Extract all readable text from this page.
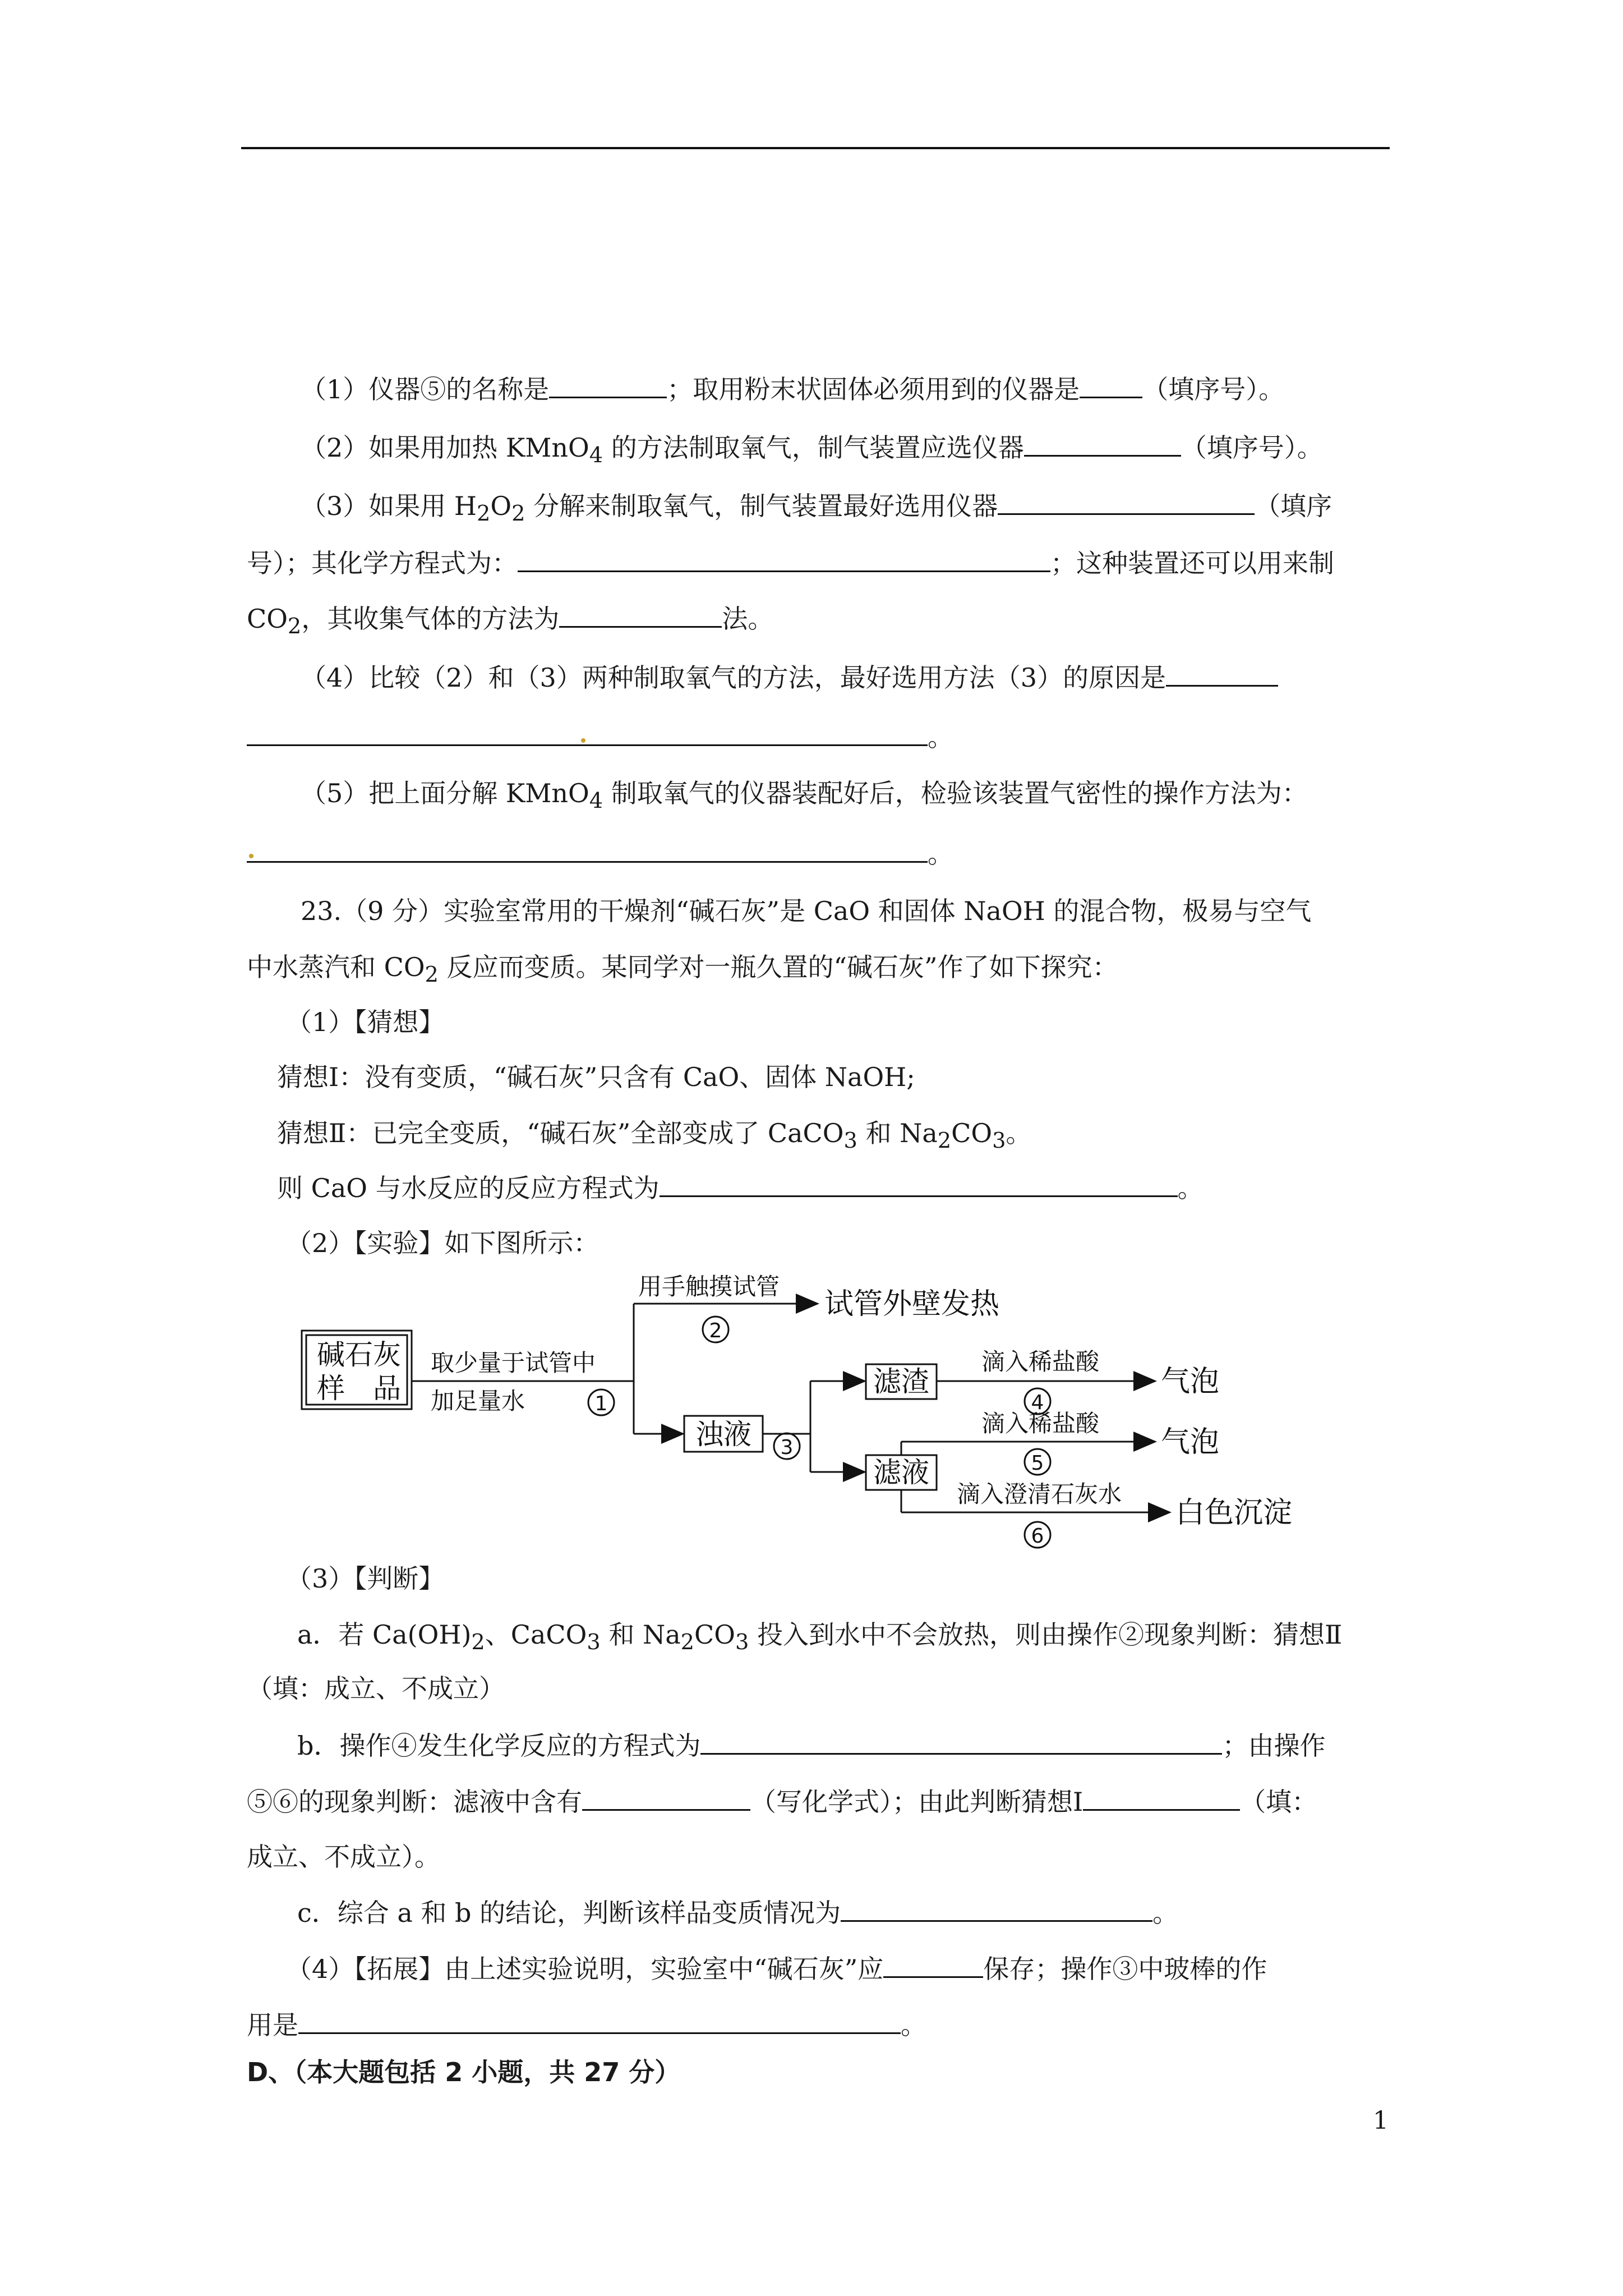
（1）仪器⑤的名称是	；取用粉末状固体必须用到的仪器是 （填序号）。
（2）如果用加热 KMnO$_4$ 的方法制取氧气，制气装置应选仪器	（填序号）。
（3）如果用 $H_2O_2$ 分解来制取氧气，制气装置最好选用仪器	（填序
号）；其化学方程式为：	；这种装置还可以用来制
$CO_2$，其收集气体的方法为	法。
（4）比较（2）和（3）两种制取氧气的方法，最好选用方法（3）的原因是
。
（5）把上面分解 KMnO$_4$ 制取氧气的仪器装配好后，检验该装置气密性的操作方法为：
。
23.（9 分）实验室常用的干燥剂“碱石灰”是 CaO 和固体 NaOH 的混合物，极易与空气
中水蒸汽和 $CO_2$ 反应而变质。某同学对一瓶久置的“碱石灰”作了如下探究：
（1）【猜想】
猜想Ⅰ：没有变质，“碱石灰”只含有 CaO、固体 NaOH;
猜想Ⅱ：已完全变质，“碱石灰”全部变成了 CaCO$_3$ 和 $Na_2CO_3$。
则 CaO 与水反应的反应方程式为	。
（2）【实验】如下图所示：
碱石灰
样　品
取少量于试管中
加足量水	1
用手触摸试管
2
试管外壁发热
浊液 3
滤渣
滴入稀盐酸
4
气泡
滤液
滴入稀盐酸
5
气泡
滴入澄清石灰水
6
白色沉淀
（3）【判断】
a．若 $Ca(OH)_2$、CaCO$_3$ 和 $Na_2CO_3$ 投入到水中不会放热，则由操作②现象判断：猜想Ⅱ
（填：成立、不成立）
b．操作④发生化学反应的方程式为	；由操作
⑤⑥的现象判断：滤液中含有	（写化学式）；由此判断猜想Ⅰ	（填：
成立、不成立）。
c．综合 a 和 b 的结论，判断该样品变质情况为	。
（4）【拓展】由上述实验说明，实验室中“碱石灰”应	保存；操作③中玻棒的作
用是	。
D、（本大题包括 2 小题，共 27 分）
1
